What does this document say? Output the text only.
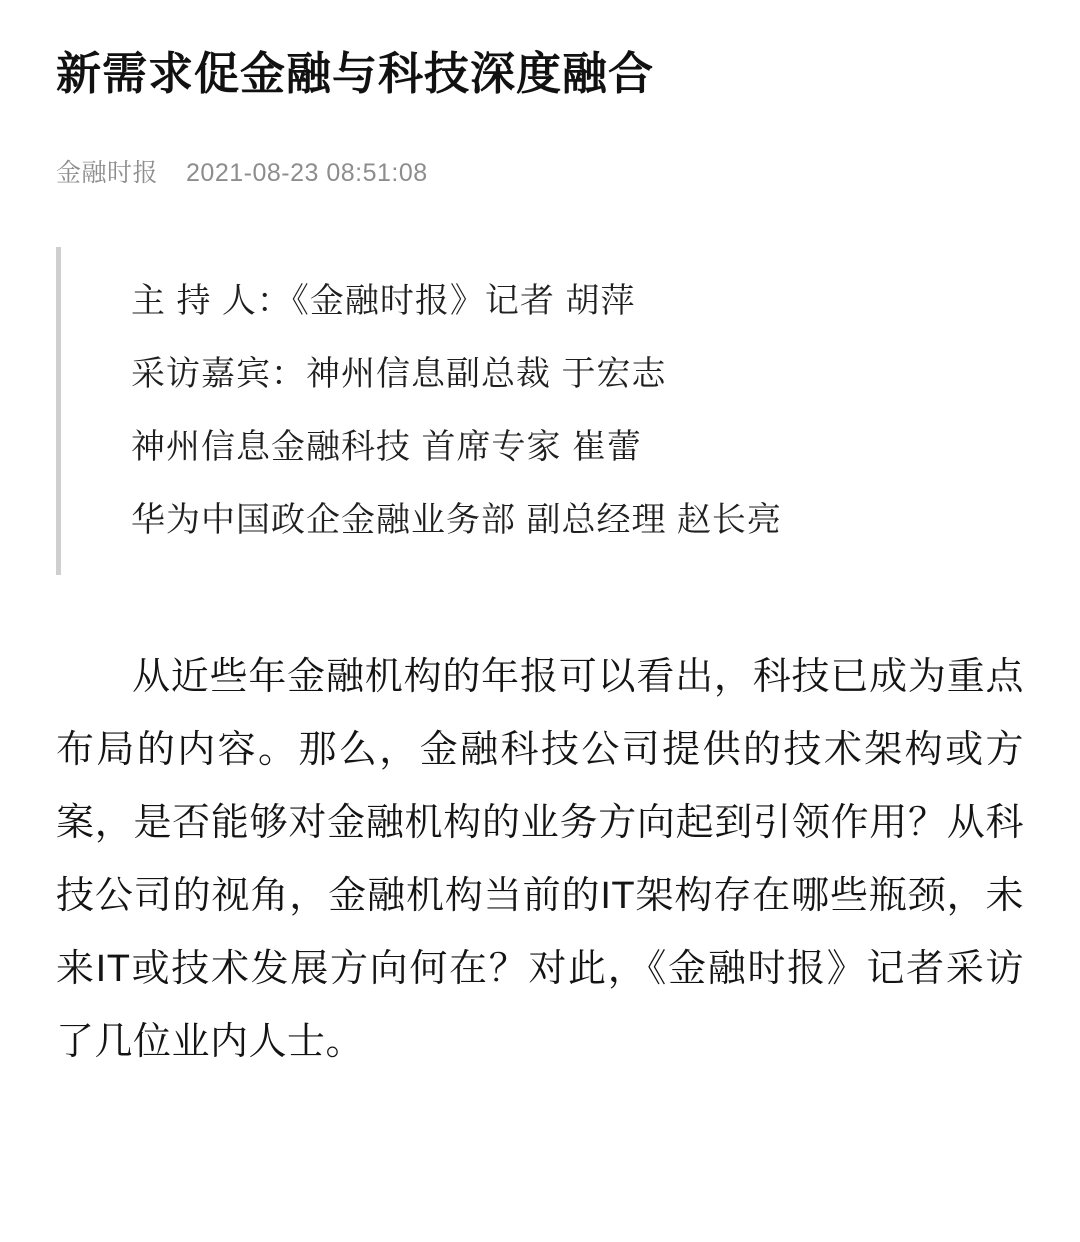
新需求促金融与科技深度融合
金融时报 2021-08-23 08:51:08
主 持 人：《金融时报》记者 胡萍
采访嘉宾：神州信息副总裁 于宏志
神州信息金融科技 首席专家 崔蕾
华为中国政企金融业务部 副总经理 赵长亮

从近些年金融机构的年报可以看出，科技已成为重点布局的内容。那么，金融科技公司提供的技术架构或方案，是否能够对金融机构的业务方向起到引领作用？从科技公司的视角，金融机构当前的IT架构存在哪些瓶颈，未来IT或技术发展方向何在？对此，《金融时报》记者采访了几位业内人士。
